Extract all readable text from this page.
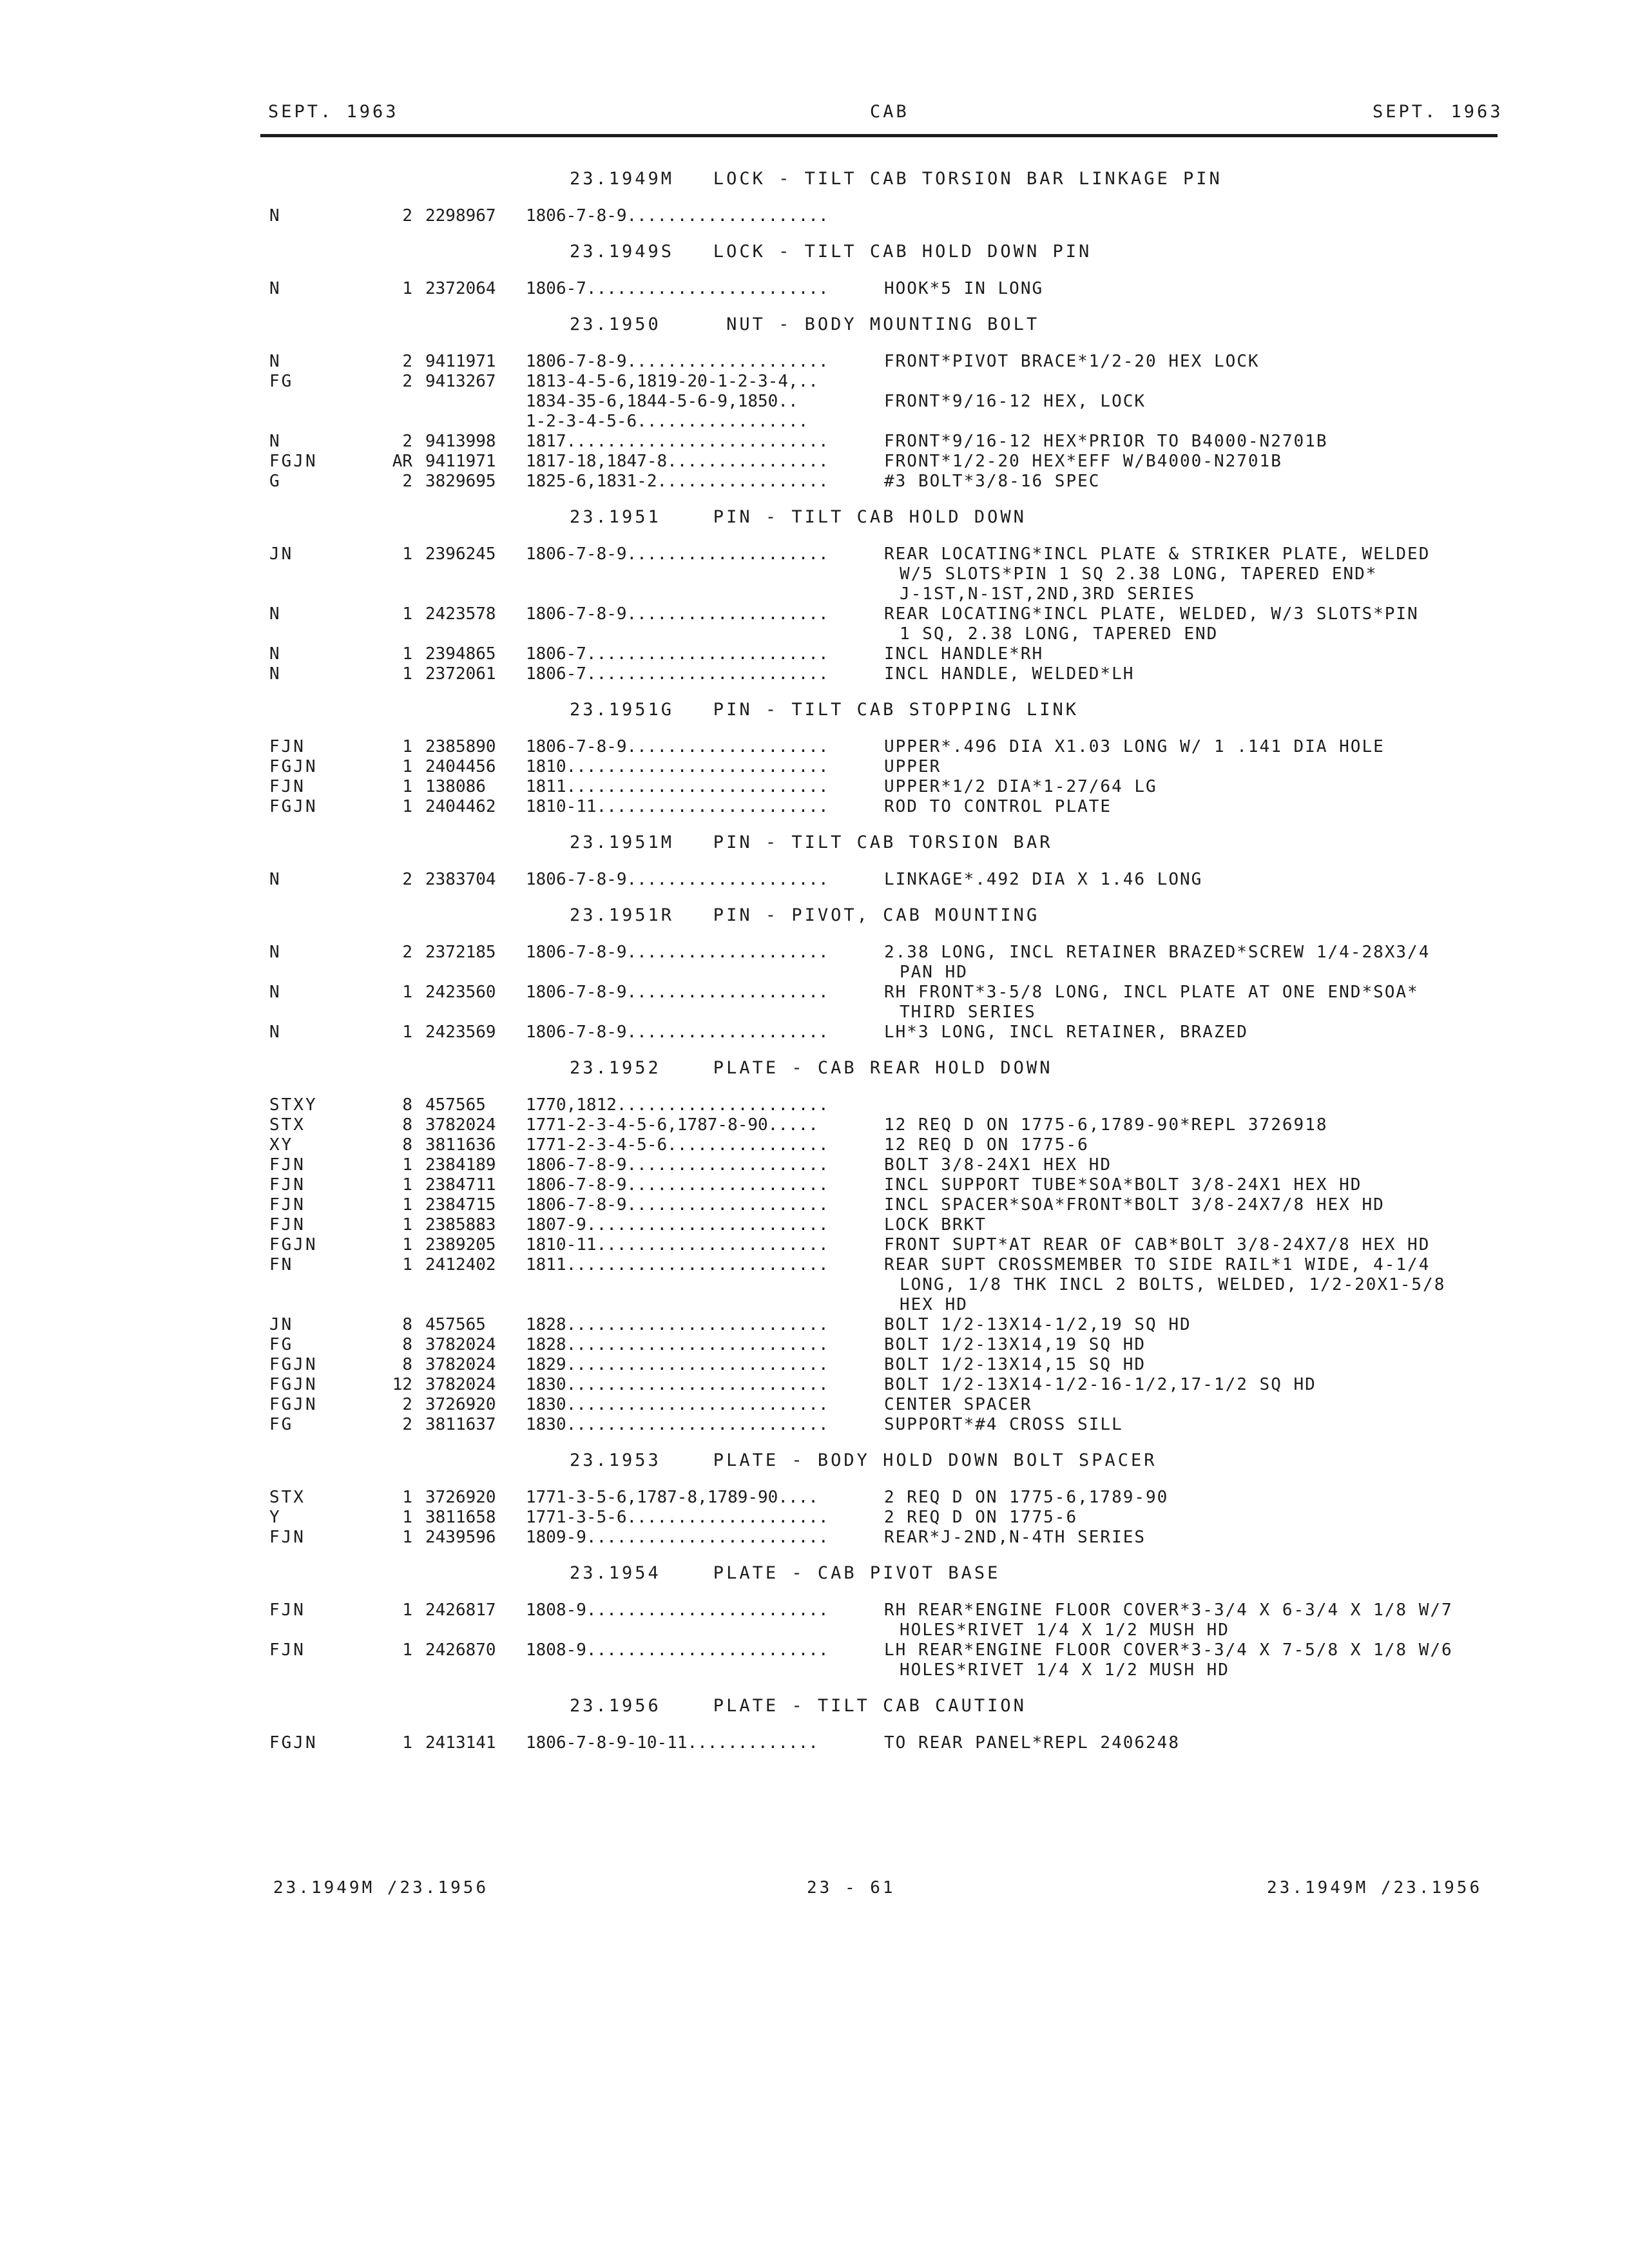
SEPT. 1963	CAB	SEPT. 1963
23.1949M   LOCK - TILT CAB TORSION BAR LINKAGE PIN
N	2 2298967 1806-7-8-9....................
23.1949S   LOCK - TILT CAB HOLD DOWN PIN
N	1 2372064 1806-7........................	HOOK*5 IN LONG
23.1950     NUT - BODY MOUNTING BOLT
N	2 9411971 1806-7-8-9....................	FRONT*PIVOT BRACE*1/2-20 HEX LOCK
FG	2 9413267 1813-4-5-6,1819-20-1-2-3-4,..
1834-35-6,1844-5-6-9,1850..	FRONT*9/16-12 HEX, LOCK
1-2-3-4-5-6.................
N	2 9413998 1817..........................	FRONT*9/16-12 HEX*PRIOR TO B4000-N2701B
FGJN	AR 9411971 1817-18,1847-8................	FRONT*1/2-20 HEX*EFF W/B4000-N2701B
G	2 3829695 1825-6,1831-2.................	#3 BOLT*3/8-16 SPEC
23.1951    PIN - TILT CAB HOLD DOWN
JN	1 2396245 1806-7-8-9....................	REAR LOCATING*INCL PLATE & STRIKER PLATE, WELDED
W/5 SLOTS*PIN 1 SQ 2.38 LONG, TAPERED END*
J-1ST,N-1ST,2ND,3RD SERIES
N	1 2423578 1806-7-8-9....................	REAR LOCATING*INCL PLATE, WELDED, W/3 SLOTS*PIN
1 SQ, 2.38 LONG, TAPERED END
N	1 2394865 1806-7........................	INCL HANDLE*RH
N	1 2372061 1806-7........................	INCL HANDLE, WELDED*LH
23.1951G   PIN - TILT CAB STOPPING LINK
FJN	1 2385890 1806-7-8-9....................	UPPER*.496 DIA X1.03 LONG W/ 1 .141 DIA HOLE
FGJN	1 2404456 1810..........................	UPPER
FJN	1 138086 1811..........................	UPPER*1/2 DIA*1-27/64 LG
FGJN	1 2404462 1810-11.......................	ROD TO CONTROL PLATE
23.1951M   PIN - TILT CAB TORSION BAR
N	2 2383704 1806-7-8-9....................	LINKAGE*.492 DIA X 1.46 LONG
23.1951R   PIN - PIVOT, CAB MOUNTING
N	2 2372185 1806-7-8-9....................	2.38 LONG, INCL RETAINER BRAZED*SCREW 1/4-28X3/4
PAN HD
N	1 2423560 1806-7-8-9....................	RH FRONT*3-5/8 LONG, INCL PLATE AT ONE END*SOA*
THIRD SERIES
N	1 2423569 1806-7-8-9....................	LH*3 LONG, INCL RETAINER, BRAZED
23.1952    PLATE - CAB REAR HOLD DOWN
STXY	8 457565 1770,1812.....................
STX	8 3782024 1771-2-3-4-5-6,1787-8-90.....	12 REQ D ON 1775-6,1789-90*REPL 3726918
XY	8 3811636 1771-2-3-4-5-6................	12 REQ D ON 1775-6
FJN	1 2384189 1806-7-8-9....................	BOLT 3/8-24X1 HEX HD
FJN	1 2384711 1806-7-8-9....................	INCL SUPPORT TUBE*SOA*BOLT 3/8-24X1 HEX HD
FJN	1 2384715 1806-7-8-9....................	INCL SPACER*SOA*FRONT*BOLT 3/8-24X7/8 HEX HD
FJN	1 2385883 1807-9........................	LOCK BRKT
FGJN	1 2389205 1810-11.......................	FRONT SUPT*AT REAR OF CAB*BOLT 3/8-24X7/8 HEX HD
FN	1 2412402 1811..........................	REAR SUPT CROSSMEMBER TO SIDE RAIL*1 WIDE, 4-1/4
LONG, 1/8 THK INCL 2 BOLTS, WELDED, 1/2-20X1-5/8
HEX HD
JN	8 457565 1828..........................	BOLT 1/2-13X14-1/2,19 SQ HD
FG	8 3782024 1828..........................	BOLT 1/2-13X14,19 SQ HD
FGJN	8 3782024 1829..........................	BOLT 1/2-13X14,15 SQ HD
FGJN	12 3782024 1830..........................	BOLT 1/2-13X14-1/2-16-1/2,17-1/2 SQ HD
FGJN	2 3726920 1830..........................	CENTER SPACER
FG	2 3811637 1830..........................	SUPPORT*#4 CROSS SILL
23.1953    PLATE - BODY HOLD DOWN BOLT SPACER
STX	1 3726920 1771-3-5-6,1787-8,1789-90....	2 REQ D ON 1775-6,1789-90
Y	1 3811658 1771-3-5-6....................	2 REQ D ON 1775-6
FJN	1 2439596 1809-9........................	REAR*J-2ND,N-4TH SERIES
23.1954    PLATE - CAB PIVOT BASE
FJN	1 2426817 1808-9........................	RH REAR*ENGINE FLOOR COVER*3-3/4 X 6-3/4 X 1/8 W/7
HOLES*RIVET 1/4 X 1/2 MUSH HD
FJN	1 2426870 1808-9........................	LH REAR*ENGINE FLOOR COVER*3-3/4 X 7-5/8 X 1/8 W/6
HOLES*RIVET 1/4 X 1/2 MUSH HD
23.1956    PLATE - TILT CAB CAUTION
FGJN	1 2413141 1806-7-8-9-10-11.............	TO REAR PANEL*REPL 2406248
23.1949M /23.1956	23 - 61	23.1949M /23.1956
